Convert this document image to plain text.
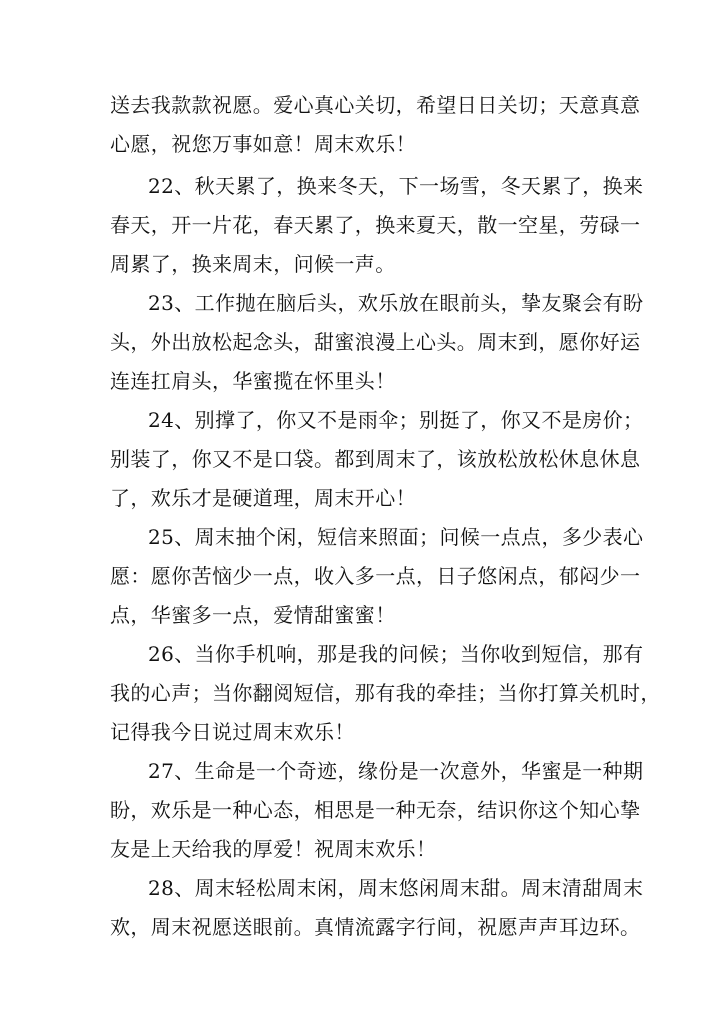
送去我款款祝愿。爱心真心关切，希望日日关切；天意真意
心愿，祝您万事如意！周末欢乐！
22、秋天累了，换来冬天，下一场雪，冬天累了，换来
春天，开一片花，春天累了，换来夏天，散一空星，劳碌一
周累了，换来周末，问候一声。
23、工作抛在脑后头，欢乐放在眼前头，挚友聚会有盼
头，外出放松起念头，甜蜜浪漫上心头。周末到，愿你好运
连连扛肩头，华蜜揽在怀里头！
24、别撑了，你又不是雨伞；别挺了，你又不是房价；
别装了，你又不是口袋。都到周末了，该放松放松休息休息
了，欢乐才是硬道理，周末开心！
25、周末抽个闲，短信来照面；问候一点点，多少表心
愿：愿你苦恼少一点，收入多一点，日子悠闲点，郁闷少一
点，华蜜多一点，爱情甜蜜蜜！
26、当你手机响，那是我的问候；当你收到短信，那有
我的心声；当你翻阅短信，那有我的牵挂；当你打算关机时，
记得我今日说过周末欢乐！
27、生命是一个奇迹，缘份是一次意外，华蜜是一种期
盼，欢乐是一种心态，相思是一种无奈，结识你这个知心挚
友是上天给我的厚爱！祝周末欢乐！
28、周末轻松周末闲，周末悠闲周末甜。周末清甜周末
欢，周末祝愿送眼前。真情流露字行间，祝愿声声耳边环。
